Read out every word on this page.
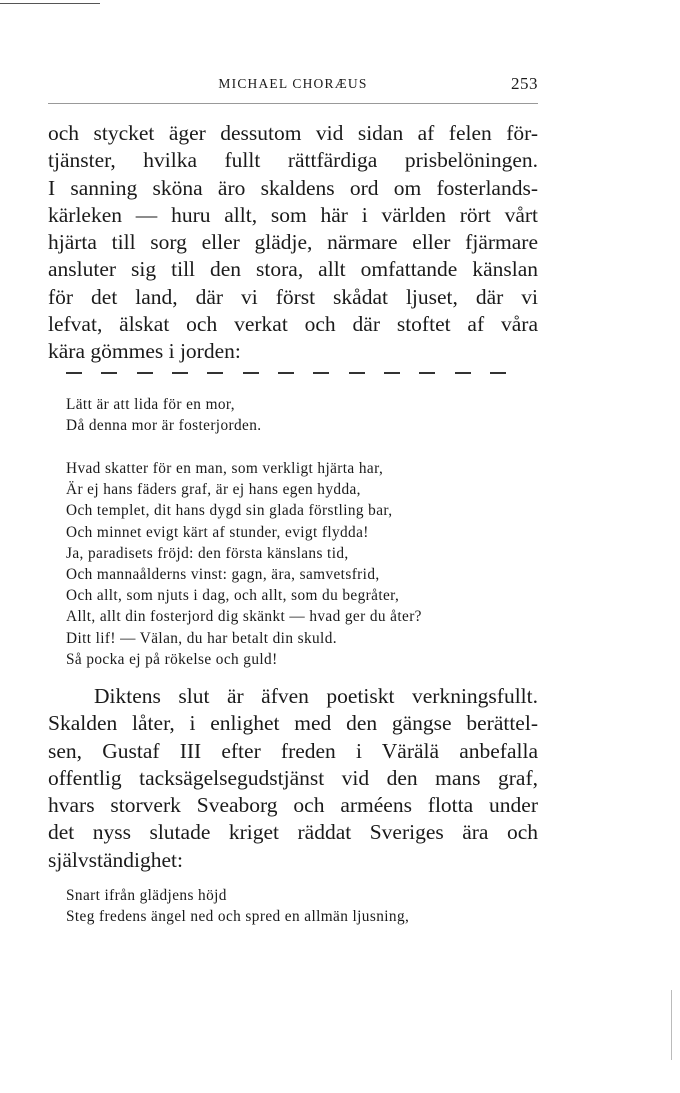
MICHAEL CHORÆUS	253
och stycket äger dessutom vid sidan af felen för-
tjänster, hvilka fullt rättfärdiga prisbelöningen.
I sanning sköna äro skaldens ord om fosterlands-
kärleken — huru allt, som här i världen rört vårt
hjärta till sorg eller glädje, närmare eller fjärmare
ansluter sig till den stora, allt omfattande känslan
för det land, där vi först skådat ljuset, där vi
lefvat, älskat och verkat och där stoftet af våra
kära gömmes i jorden:
Lätt är att lida för en mor,
Då denna mor är fosterjorden.
Hvad skatter för en man, som verkligt hjärta har,
Är ej hans fäders graf, är ej hans egen hydda,
Och templet, dit hans dygd sin glada förstling bar,
Och minnet evigt kärt af stunder, evigt flydda!
Ja, paradisets fröjd: den första känslans tid,
Och mannaålderns vinst: gagn, ära, samvetsfrid,
Och allt, som njuts i dag, och allt, som du begråter,
Allt, allt din fosterjord dig skänkt — hvad ger du åter?
Ditt lif! — Välan, du har betalt din skuld.
Så pocka ej på rökelse och guld!
Diktens slut är äfven poetiskt verkningsfullt.
Skalden låter, i enlighet med den gängse berättel-
sen, Gustaf III efter freden i Värälä anbefalla
offentlig tacksägelsegudstjänst vid den mans graf,
hvars storverk Sveaborg och arméens flotta under
det nyss slutade kriget räddat Sveriges ära och
självständighet:
Snart ifrån glädjens höjd
Steg fredens ängel ned och spred en allmän ljusning,
